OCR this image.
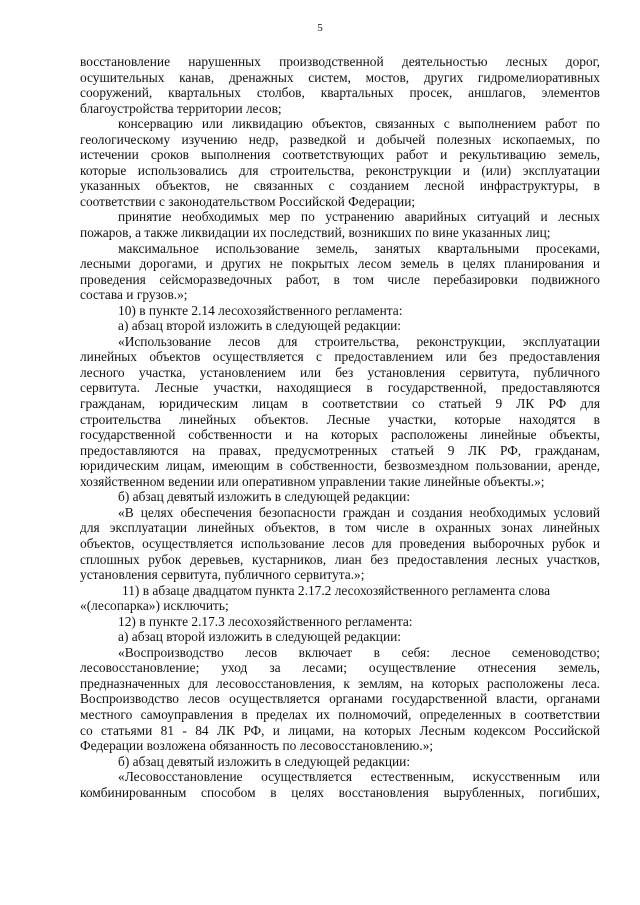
5
восстановление нарушенных производственной деятельностью лесных дорог,
осушительных канав, дренажных систем, мостов, других гидромелиоративных
сооружений, квартальных столбов, квартальных просек, аншлагов, элементов
благоустройства территории лесов;
консервацию или ликвидацию объектов, связанных с выполнением работ по
геологическому изучению недр, разведкой и добычей полезных ископаемых, по
истечении сроков выполнения соответствующих работ и рекультивацию земель,
которые использовались для строительства, реконструкции и (или) эксплуатации
указанных объектов, не связанных с созданием лесной инфраструктуры, в
соответствии с законодательством Российской Федерации;
принятие необходимых мер по устранению аварийных ситуаций и лесных
пожаров, а также ликвидации их последствий, возникших по вине указанных лиц;
максимальное использование земель, занятых квартальными просеками,
лесными дорогами, и других не покрытых лесом земель в целях планирования и
проведения сейсморазведочных работ, в том числе перебазировки подвижного
состава и грузов.»;
10) в пункте 2.14 лесохозяйственного регламента:
а) абзац второй изложить в следующей редакции:
«Использование лесов для строительства, реконструкции, эксплуатации
линейных объектов осуществляется с предоставлением или без предоставления
лесного участка, установлением или без установления сервитута, публичного
сервитута. Лесные участки, находящиеся в государственной, предоставляются
гражданам, юридическим лицам в соответствии со статьей 9 ЛК РФ для
строительства линейных объектов. Лесные участки, которые находятся в
государственной собственности и на которых расположены линейные объекты,
предоставляются на правах, предусмотренных статьей 9 ЛК РФ, гражданам,
юридическим лицам, имеющим в собственности, безвозмездном пользовании, аренде,
хозяйственном ведении или оперативном управлении такие линейные объекты.»;
б) абзац девятый изложить в следующей редакции:
«В целях обеспечения безопасности граждан и создания необходимых условий
для эксплуатации линейных объектов, в том числе в охранных зонах линейных
объектов, осуществляется использование лесов для проведения выборочных рубок и
сплошных рубок деревьев, кустарников, лиан без предоставления лесных участков,
установления сервитута, публичного сервитута.»;
11) в абзаце двадцатом пункта 2.17.2 лесохозяйственного регламента слова
«(лесопарка») исключить;
12) в пункте 2.17.3 лесохозяйственного регламента:
а) абзац второй изложить в следующей редакции:
«Воспроизводство лесов включает в себя: лесное семеноводство;
лесовосстановление; уход за лесами; осуществление отнесения земель,
предназначенных для лесовосстановления, к землям, на которых расположены леса.
Воспроизводство лесов осуществляется органами государственной власти, органами
местного самоуправления в пределах их полномочий, определенных в соответствии
со статьями 81 - 84 ЛК РФ, и лицами, на которых Лесным кодексом Российской
Федерации возложена обязанность по лесовосстановлению.»;
б) абзац девятый изложить в следующей редакции:
«Лесовосстановление осуществляется естественным, искусственным или
комбинированным способом в целях восстановления вырубленных, погибших,
